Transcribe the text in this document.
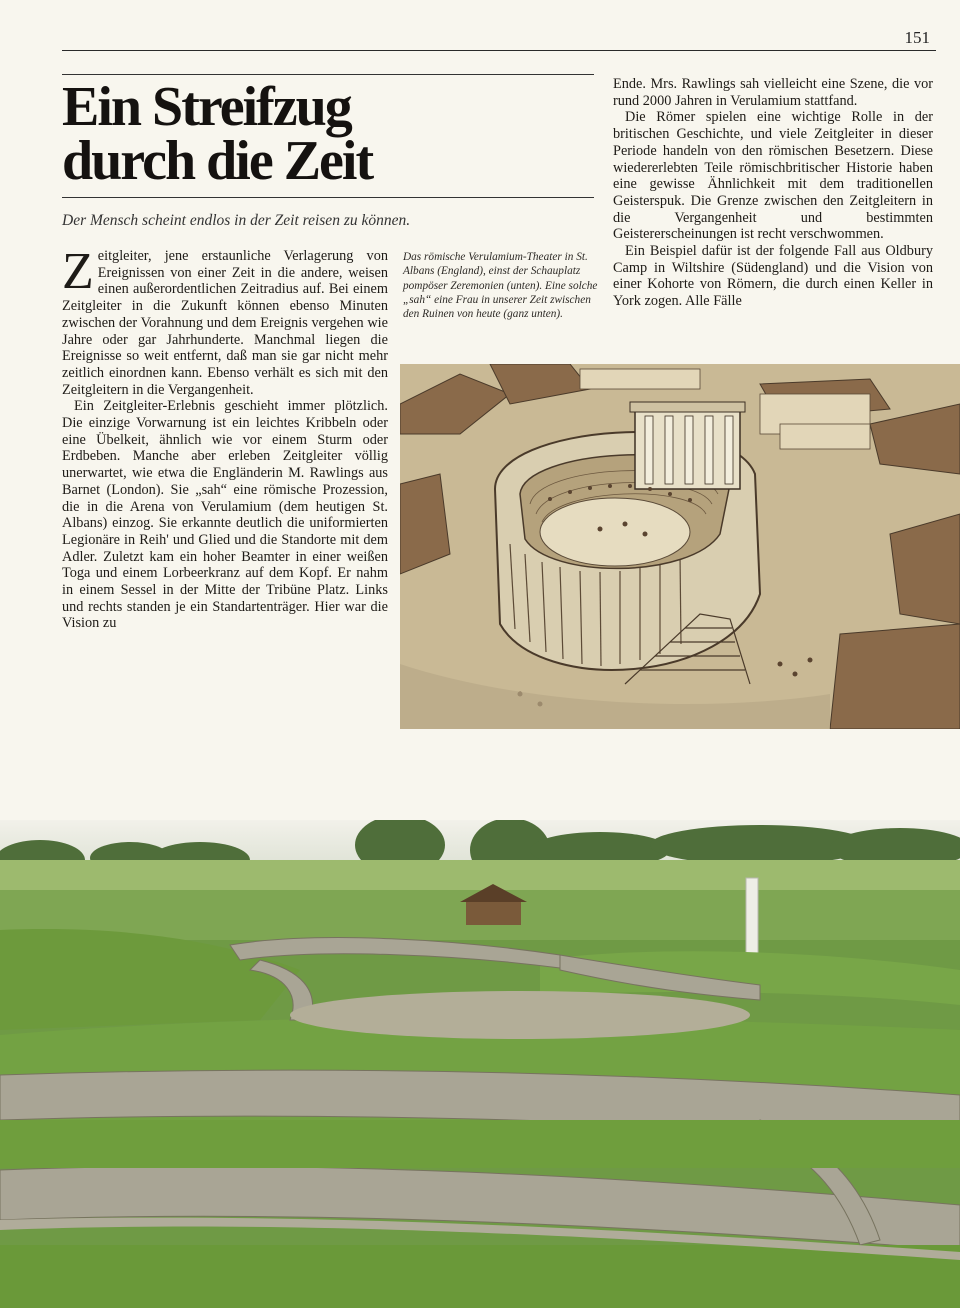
151
Ein Streifzug
durch die Zeit

Der Mensch scheint endlos in der Zeit reisen zu können.

Zeitgleiter, jene erstaunliche Verlagerung von Ereignissen von einer Zeit in die andere, weisen einen außerordentlichen Zeitradius auf. Bei einem Zeitgleiter in die Zukunft können ebenso Minuten zwischen der Vorahnung und dem Ereignis vergehen wie Jahre oder gar Jahrhunderte. Manchmal liegen die Ereignisse so weit entfernt, daß man sie gar nicht mehr zeitlich einordnen kann. Ebenso verhält es sich mit den Zeitgleitern in die Vergangenheit.

Ein Zeitgleiter-Erlebnis geschieht immer plötzlich. Die einzige Vorwarnung ist ein leichtes Kribbeln oder eine Übelkeit, ähnlich wie vor einem Sturm oder Erdbeben. Manche aber erleben Zeitgleiter völlig unerwartet, wie etwa die Engländerin M. Rawlings aus Barnet (London). Sie „sah“ eine römische Prozession, die in die Arena von Verulamium (dem heutigen St. Albans) einzog. Sie erkannte deutlich die uniformierten Legionäre in Reih' und Glied und die Standorte mit dem Adler. Zuletzt kam ein hoher Beamter in einer weißen Toga und einem Lorbeerkranz auf dem Kopf. Er nahm in einem Sessel in der Mitte der Tribüne Platz. Links und rechts standen je ein Standartenträger. Hier war die Vision zu

Das römische Verulamium-Theater in St. Albans (England), einst der Schauplatz pompöser Zeremonien (unten). Eine solche „sah“ eine Frau in unserer Zeit zwischen den Ruinen von heute (ganz unten).

Ende. Mrs. Rawlings sah vielleicht eine Szene, die vor rund 2000 Jahren in Verulamium stattfand.

Die Römer spielen eine wichtige Rolle in der britischen Geschichte, und viele Zeitgleiter in dieser Periode handeln von den römischen Besetzern. Diese wiedererlebten Teile römischbritischer Historie haben eine gewisse Ähnlichkeit mit dem traditionellen Geisterspuk. Die Grenze zwischen den Zeitgleitern in die Vergangenheit und bestimmten Geistererscheinungen ist recht verschwommen.

Ein Beispiel dafür ist der folgende Fall aus Oldbury Camp in Wiltshire (Südengland) und die Vision von einer Kohorte von Römern, die durch einen Keller in York zogen. Alle Fälle
